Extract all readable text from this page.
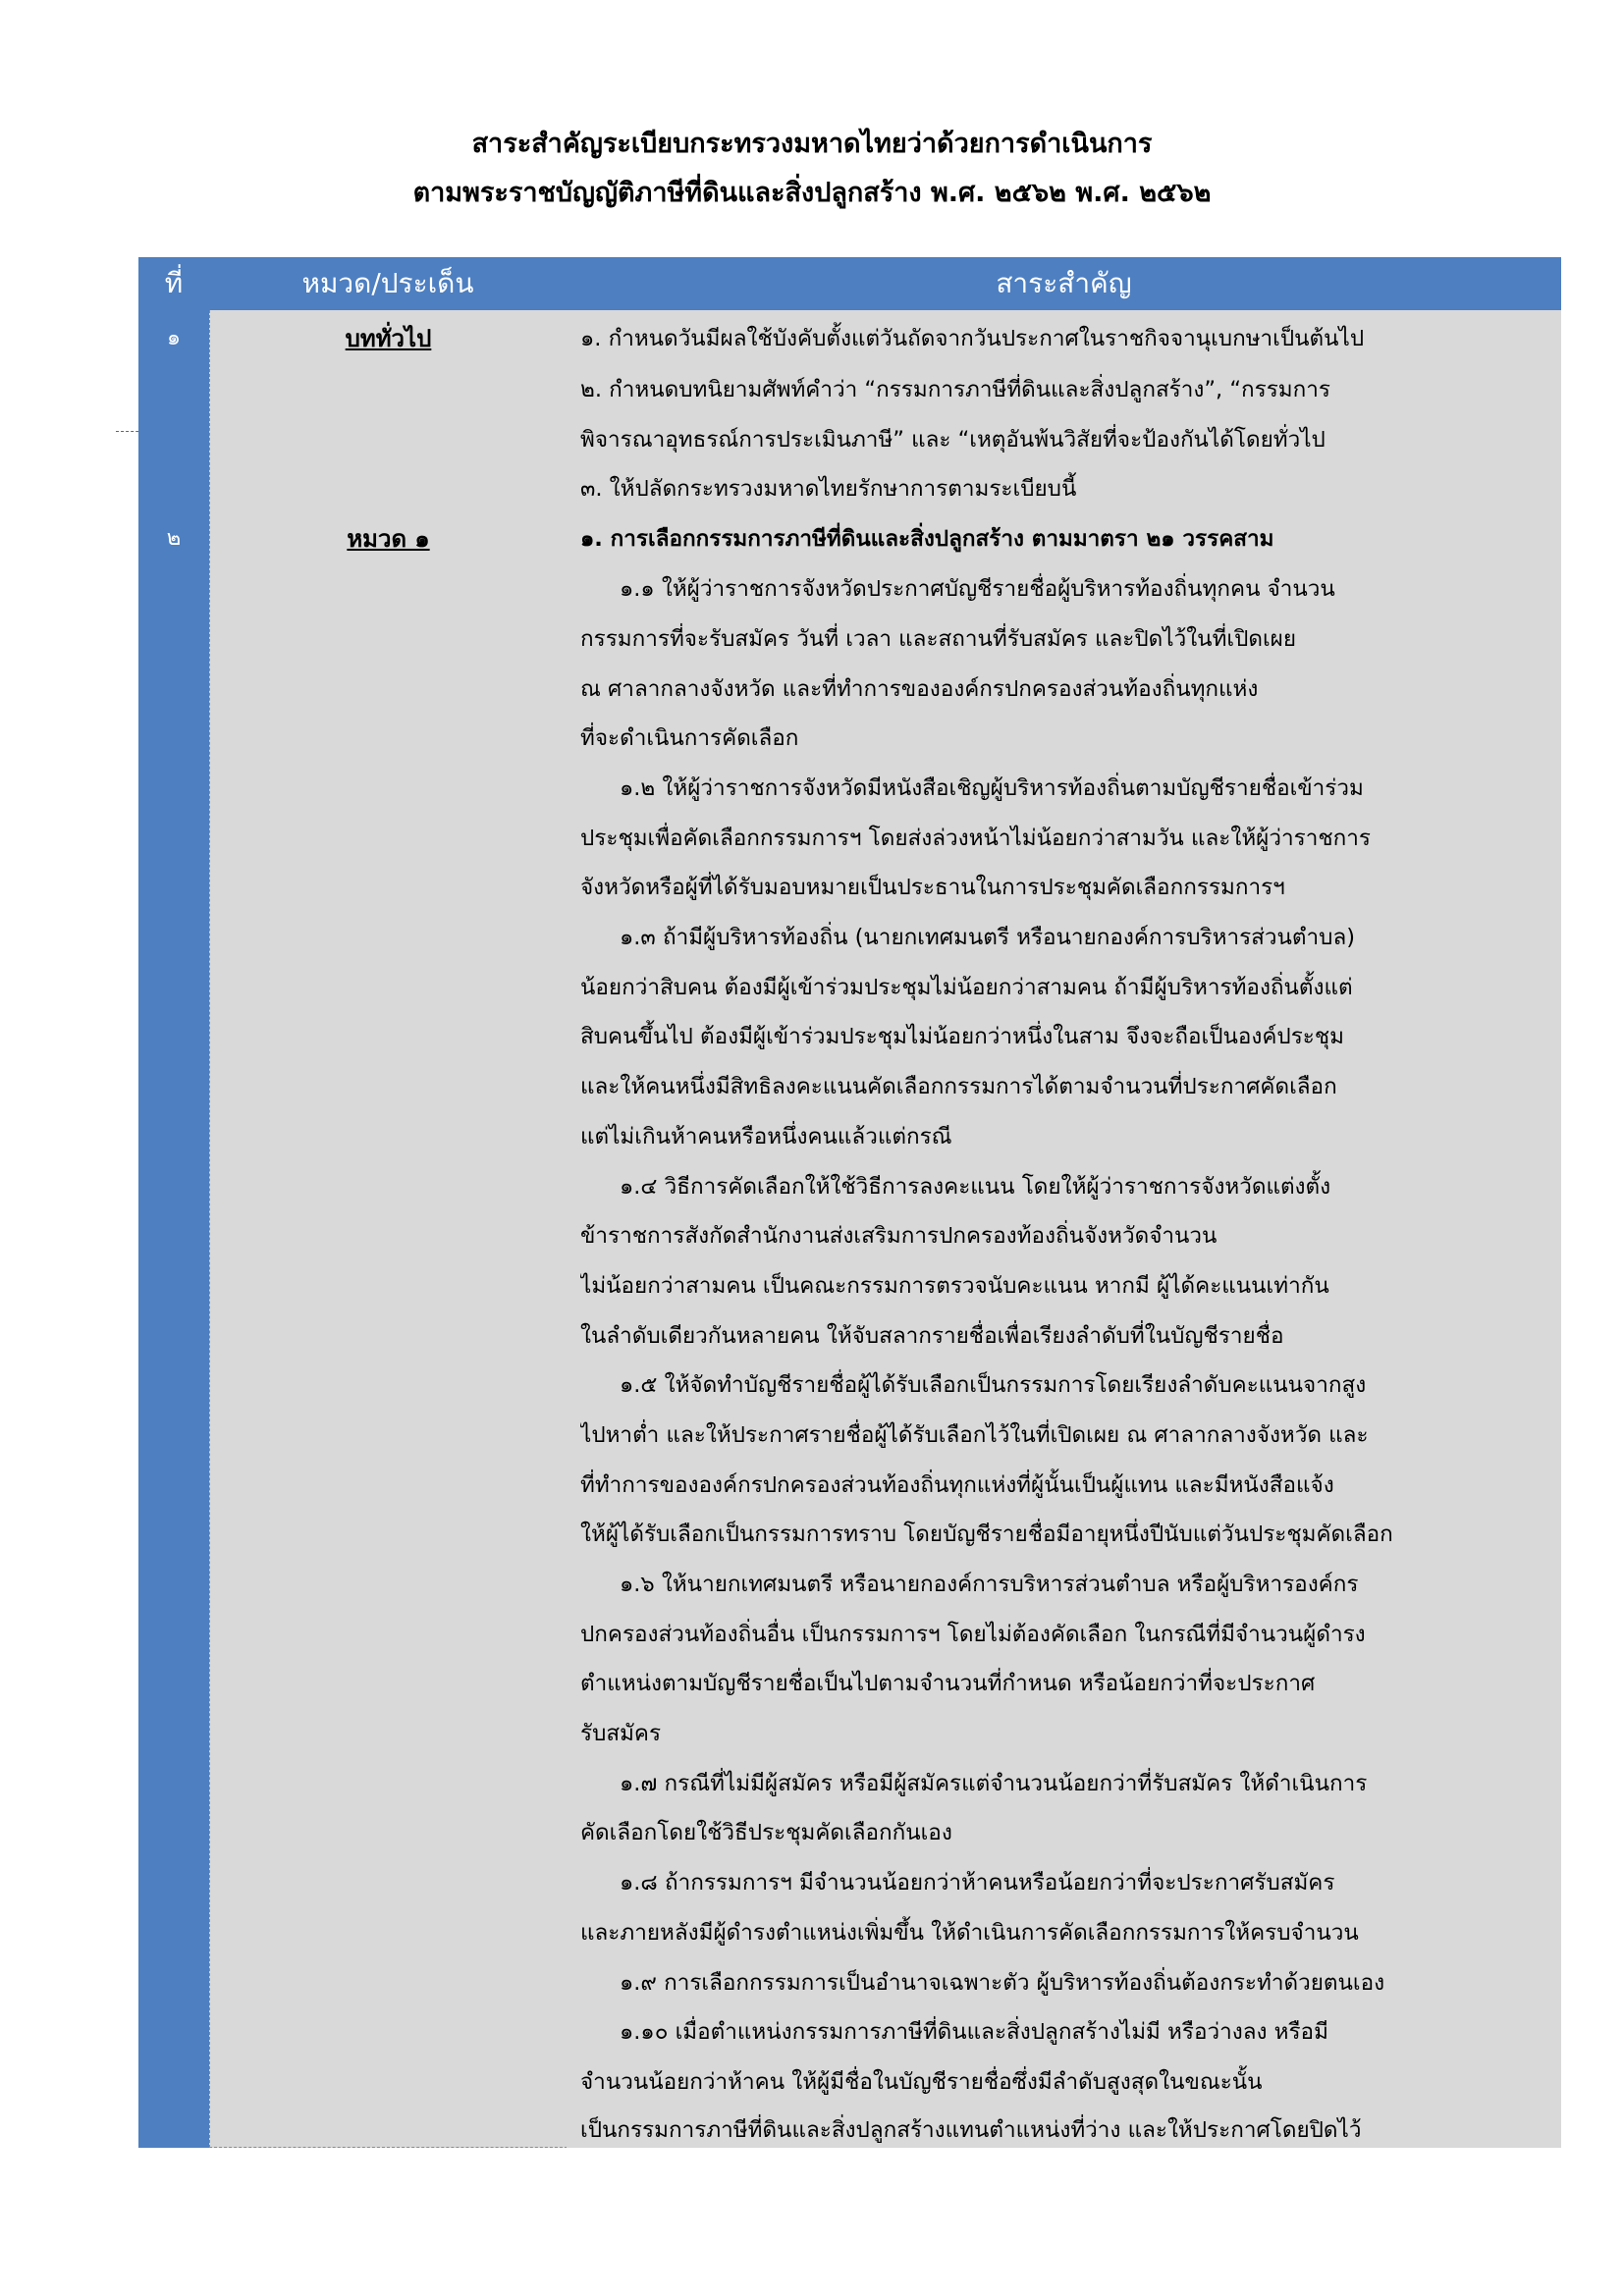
สาระสำคัญระเบียบกระทรวงมหาดไทยว่าด้วยการดำเนินการ
ตามพระราชบัญญัติภาษีที่ดินและสิ่งปลูกสร้าง พ.ศ. ๒๕๖๒ พ.ศ. ๒๕๖๒
ที่	หมวด/ประเด็น	สาระสำคัญ
๑	บททั่วไป	๑. กำหนดวันมีผลใช้บังคับตั้งแต่วันถัดจากวันประกาศในราชกิจจานุเบกษาเป็นต้นไป
๒. กำหนดบทนิยามศัพท์คำว่า “กรรมการภาษีที่ดินและสิ่งปลูกสร้าง”, “กรรมการ
พิจารณาอุทธรณ์การประเมินภาษี” และ “เหตุอันพ้นวิสัยที่จะป้องกันได้โดยทั่วไป
๓. ให้ปลัดกระทรวงมหาดไทยรักษาการตามระเบียบนี้
๒	หมวด ๑	๑. การเลือกกรรมการภาษีที่ดินและสิ่งปลูกสร้าง ตามมาตรา ๒๑ วรรคสาม
๑.๑ ให้ผู้ว่าราชการจังหวัดประกาศบัญชีรายชื่อผู้บริหารท้องถิ่นทุกคน จำนวน
กรรมการที่จะรับสมัคร วันที่ เวลา และสถานที่รับสมัคร และปิดไว้ในที่เปิดเผย
ณ ศาลากลางจังหวัด และที่ทำการขององค์กรปกครองส่วนท้องถิ่นทุกแห่ง
ที่จะดำเนินการคัดเลือก
๑.๒ ให้ผู้ว่าราชการจังหวัดมีหนังสือเชิญผู้บริหารท้องถิ่นตามบัญชีรายชื่อเข้าร่วม
ประชุมเพื่อคัดเลือกกรรมการฯ โดยส่งล่วงหน้าไม่น้อยกว่าสามวัน และให้ผู้ว่าราชการ
จังหวัดหรือผู้ที่ได้รับมอบหมายเป็นประธานในการประชุมคัดเลือกกรรมการฯ
๑.๓ ถ้ามีผู้บริหารท้องถิ่น (นายกเทศมนตรี หรือนายกองค์การบริหารส่วนตำบล)
น้อยกว่าสิบคน ต้องมีผู้เข้าร่วมประชุมไม่น้อยกว่าสามคน ถ้ามีผู้บริหารท้องถิ่นตั้งแต่
สิบคนขึ้นไป ต้องมีผู้เข้าร่วมประชุมไม่น้อยกว่าหนึ่งในสาม จึงจะถือเป็นองค์ประชุม
และให้คนหนึ่งมีสิทธิลงคะแนนคัดเลือกกรรมการได้ตามจำนวนที่ประกาศคัดเลือก
แต่ไม่เกินห้าคนหรือหนึ่งคนแล้วแต่กรณี
๑.๔ วิธีการคัดเลือกให้ใช้วิธีการลงคะแนน โดยให้ผู้ว่าราชการจังหวัดแต่งตั้ง
ข้าราชการสังกัดสำนักงานส่งเสริมการปกครองท้องถิ่นจังหวัดจำนวน
ไม่น้อยกว่าสามคน เป็นคณะกรรมการตรวจนับคะแนน หากมี ผู้ได้คะแนนเท่ากัน
ในลำดับเดียวกันหลายคน ให้จับสลากรายชื่อเพื่อเรียงลำดับที่ในบัญชีรายชื่อ
๑.๕ ให้จัดทำบัญชีรายชื่อผู้ได้รับเลือกเป็นกรรมการโดยเรียงลำดับคะแนนจากสูง
ไปหาต่ำ และให้ประกาศรายชื่อผู้ได้รับเลือกไว้ในที่เปิดเผย ณ ศาลากลางจังหวัด และ
ที่ทำการขององค์กรปกครองส่วนท้องถิ่นทุกแห่งที่ผู้นั้นเป็นผู้แทน และมีหนังสือแจ้ง
ให้ผู้ได้รับเลือกเป็นกรรมการทราบ โดยบัญชีรายชื่อมีอายุหนึ่งปีนับแต่วันประชุมคัดเลือก
๑.๖ ให้นายกเทศมนตรี หรือนายกองค์การบริหารส่วนตำบล หรือผู้บริหารองค์กร
ปกครองส่วนท้องถิ่นอื่น เป็นกรรมการฯ โดยไม่ต้องคัดเลือก ในกรณีที่มีจำนวนผู้ดำรง
ตำแหน่งตามบัญชีรายชื่อเป็นไปตามจำนวนที่กำหนด หรือน้อยกว่าที่จะประกาศ
รับสมัคร
๑.๗ กรณีที่ไม่มีผู้สมัคร หรือมีผู้สมัครแต่จำนวนน้อยกว่าที่รับสมัคร ให้ดำเนินการ
คัดเลือกโดยใช้วิธีประชุมคัดเลือกกันเอง
๑.๘ ถ้ากรรมการฯ มีจำนวนน้อยกว่าห้าคนหรือน้อยกว่าที่จะประกาศรับสมัคร
และภายหลังมีผู้ดำรงตำแหน่งเพิ่มขึ้น ให้ดำเนินการคัดเลือกกรรมการให้ครบจำนวน
๑.๙ การเลือกกรรมการเป็นอำนาจเฉพาะตัว ผู้บริหารท้องถิ่นต้องกระทำด้วยตนเอง
๑.๑๐ เมื่อตำแหน่งกรรมการภาษีที่ดินและสิ่งปลูกสร้างไม่มี หรือว่างลง หรือมี
จำนวนน้อยกว่าห้าคน ให้ผู้มีชื่อในบัญชีรายชื่อซึ่งมีลำดับสูงสุดในขณะนั้น
เป็นกรรมการภาษีที่ดินและสิ่งปลูกสร้างแทนตำแหน่งที่ว่าง และให้ประกาศโดยปิดไว้
